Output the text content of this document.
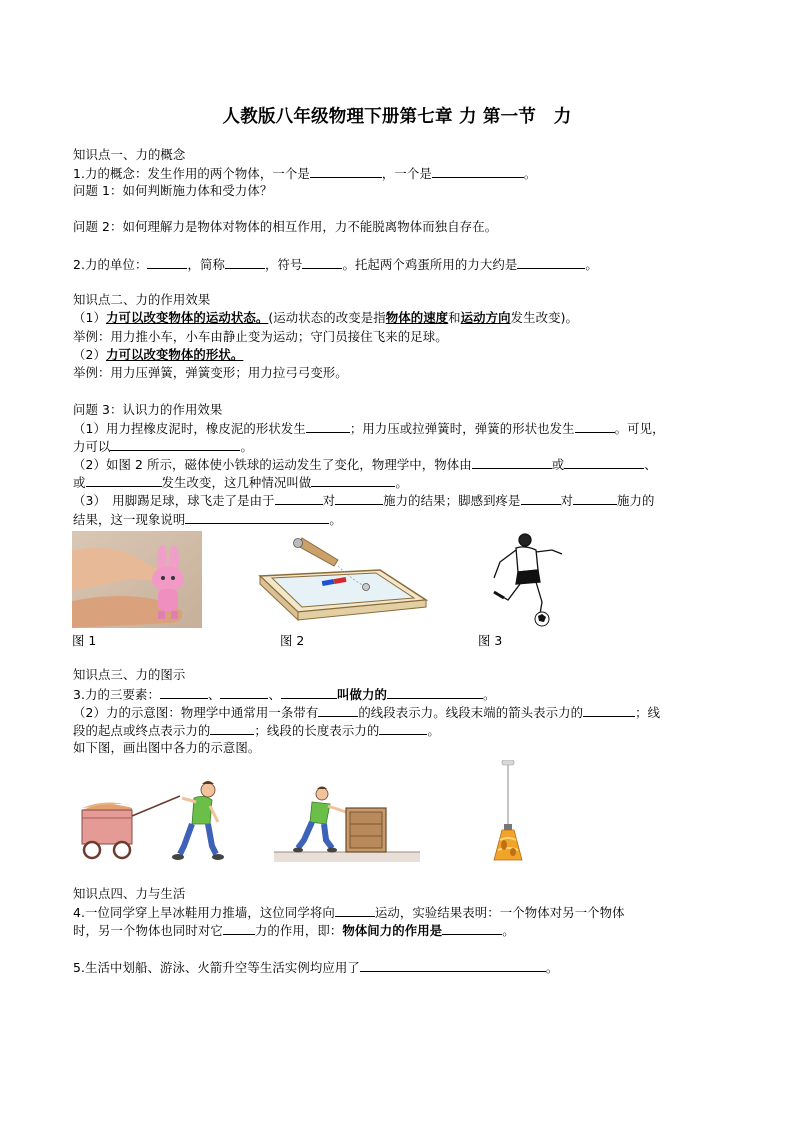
人教版八年级物理下册第七章 力 第一节　力
知识点一、力的概念
1.力的概念：发生作用的两个物体，一个是	，一个是	。
问题 1：如何判断施力体和受力体？
问题 2：如何理解力是物体对物体的相互作用，力不能脱离物体而独自存在。
2.力的单位：	，简称	，符号	。托起两个鸡蛋所用的力大约是	。
知识点二、力的作用效果
（1）力可以改变物体的运动状态。(运动状态的改变是指物体的速度和运动方向发生改变)。
举例：用力推小车，小车由静止变为运动；守门员接住飞来的足球。
（2）力可以改变物体的形状。
举例：用力压弹簧，弹簧变形；用力拉弓弓变形。
问题 3：认识力的作用效果
（1）用力捏橡皮泥时，橡皮泥的形状发生	；用力压或拉弹簧时，弹簧的形状也发生	。可见，
力可以	。
（2）如图 2 所示，磁体使小铁球的运动发生了变化，物理学中，物体由	或	、
或	发生改变，这几种情况叫做	。
（3）　用脚踢足球，球飞走了是由于	对	施力的结果；脚感到疼是	对	施力的
结果，这一现象说明	。
图 1	图 2	图 3
知识点三、力的图示
3.力的三要素：	、	、	叫做力的	。
（2）力的示意图：物理学中通常用一条带有	的线段表示力。线段末端的箭头表示力的	；线
段的起点或终点表示力的	；线段的长度表示力的	。
如下图，画出图中各力的示意图。
知识点四、力与生活
4.一位同学穿上旱冰鞋用力推墙，这位同学将向	运动，实验结果表明：一个物体对另一个物体
时，另一个物体也同时对它	力的作用，即：物体间力的作用是	。
5.生活中划船、游泳、火箭升空等生活实例均应用了	。
